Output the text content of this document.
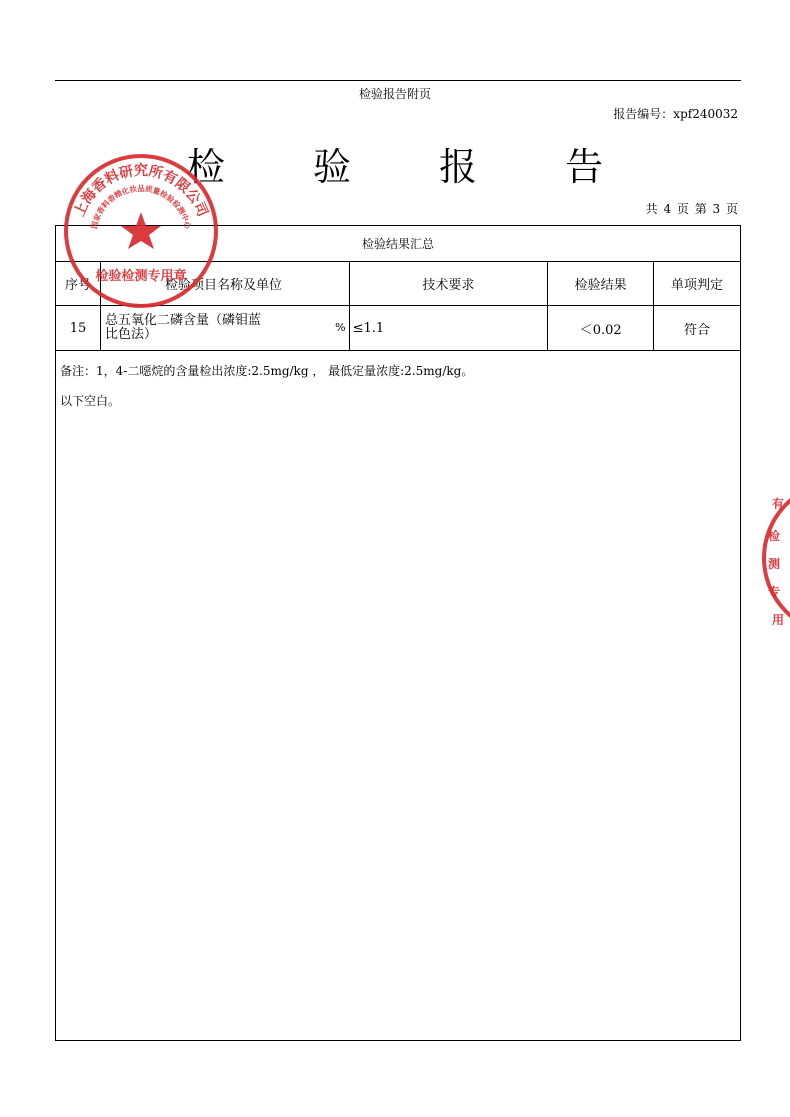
检验报告附页
报告编号：xpf240032
检 验 报 告
共 4 页 第 3 页
检验结果汇总				
序号	检验项目名称及单位	技术要求	检验结果	单项判定
15	总五氧化二磷含量（磷钼蓝
比色法） %	≤1.1	＜0.02	符合
备注：1，4-二噁烷的含量检出浓度:2.5mg/kg ， 最低定量浓度:2.5mg/kg。
以下空白。
上海香料研究所有限公司
国家香料香精化妆品质量检验检测中心
检验检测专用章
有
检
测
专
用
